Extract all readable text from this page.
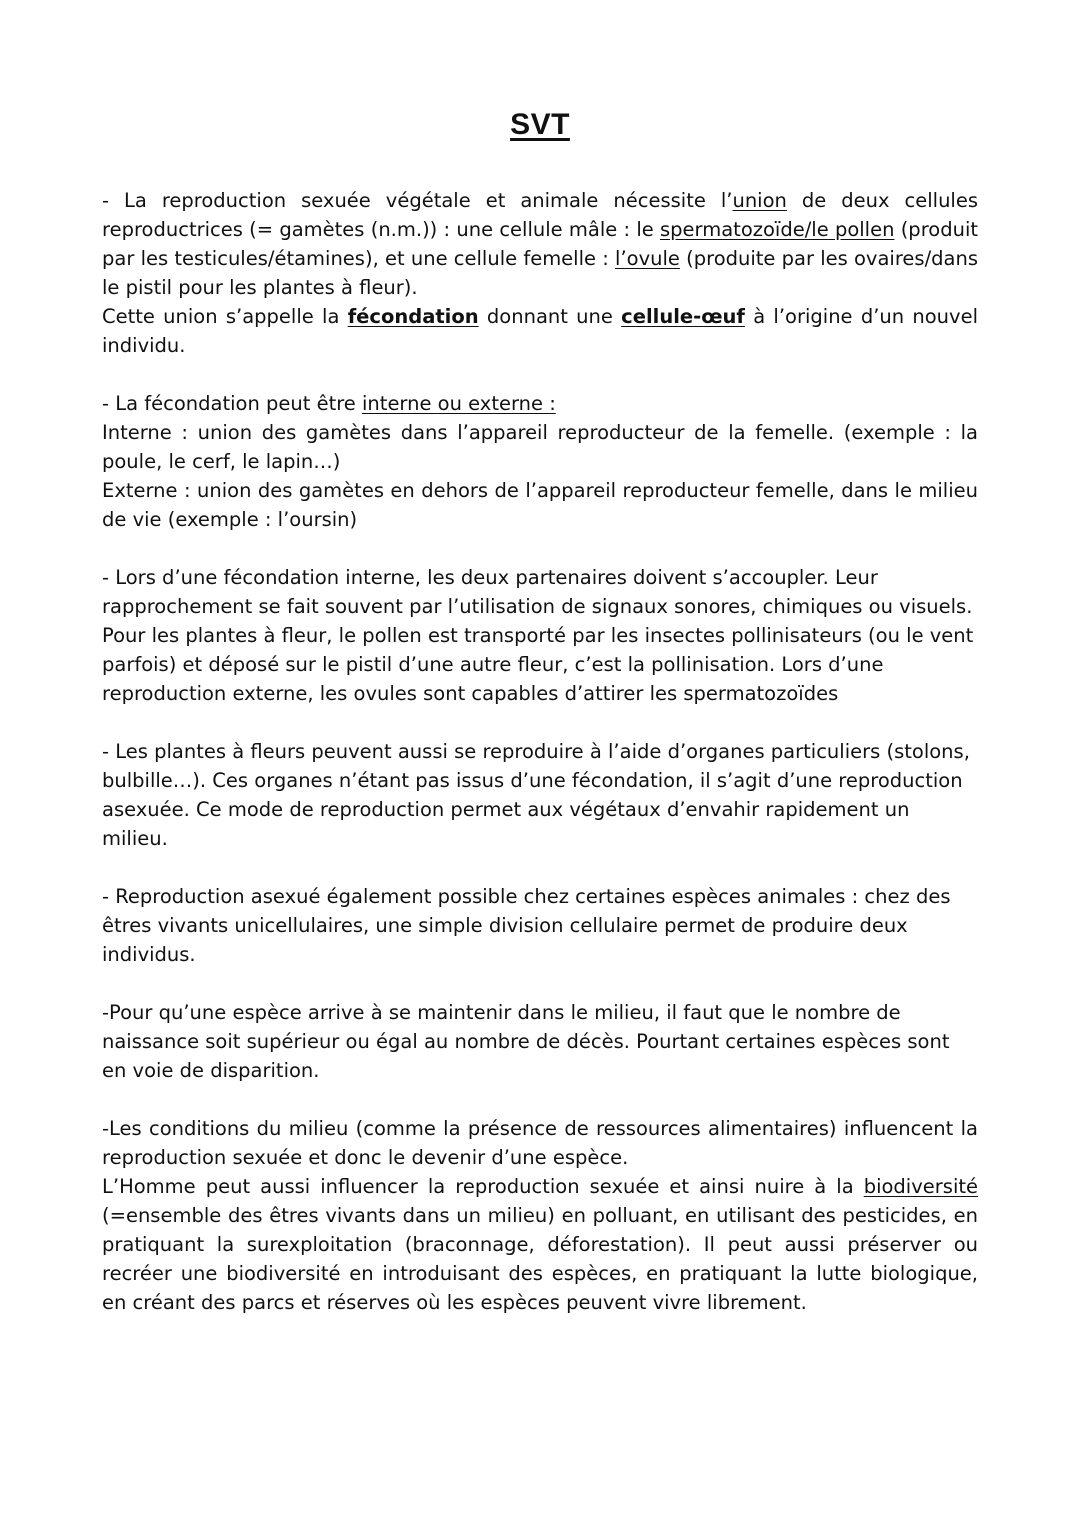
SVT

- La reproduction sexuée végétale et animale nécessite l’union de deux cellules reproductrices (= gamètes (n.m.)) : une cellule mâle : le spermatozoïde/le pollen (produit par les testicules/étamines), et une cellule femelle : l’ovule (produite par les ovaires/dans le pistil pour les plantes à fleur).

Cette union s’appelle la fécondation donnant une cellule-œuf à l’origine d’un nouvel individu.

- La fécondation peut être interne ou externe :

Interne : union des gamètes dans l’appareil reproducteur de la femelle. (exemple : la poule, le cerf, le lapin…)

Externe : union des gamètes en dehors de l’appareil reproducteur femelle, dans le milieu de vie (exemple : l’oursin)

- Lors d’une fécondation interne, les deux partenaires doivent s’accoupler. Leur rapprochement se fait souvent par l’utilisation de signaux sonores, chimiques ou visuels. Pour les plantes à fleur, le pollen est transporté par les insectes pollinisateurs (ou le vent parfois) et déposé sur le pistil d’une autre fleur, c’est la pollinisation. Lors d’une reproduction externe, les ovules sont capables d’attirer les spermatozoïdes

- Les plantes à fleurs peuvent aussi se reproduire à l’aide d’organes particuliers (stolons, bulbille…). Ces organes n’étant pas issus d’une fécondation, il s’agit d’une reproduction asexuée. Ce mode de reproduction permet aux végétaux d’envahir rapidement un milieu.

- Reproduction asexué également possible chez certaines espèces animales : chez des êtres vivants unicellulaires, une simple division cellulaire permet de produire deux individus.

-Pour qu’une espèce arrive à se maintenir dans le milieu, il faut que le nombre de naissance soit supérieur ou égal au nombre de décès. Pourtant certaines espèces sont en voie de disparition.

-Les conditions du milieu (comme la présence de ressources alimentaires) influencent la reproduction sexuée et donc le devenir d’une espèce.

L’Homme peut aussi influencer la reproduction sexuée et ainsi nuire à la biodiversité (=ensemble des êtres vivants dans un milieu) en polluant, en utilisant des pesticides, en pratiquant la surexploitation (braconnage, déforestation). Il peut aussi préserver ou recréer une biodiversité en introduisant des espèces, en pratiquant la lutte biologique, en créant des parcs et réserves où les espèces peuvent vivre librement.
